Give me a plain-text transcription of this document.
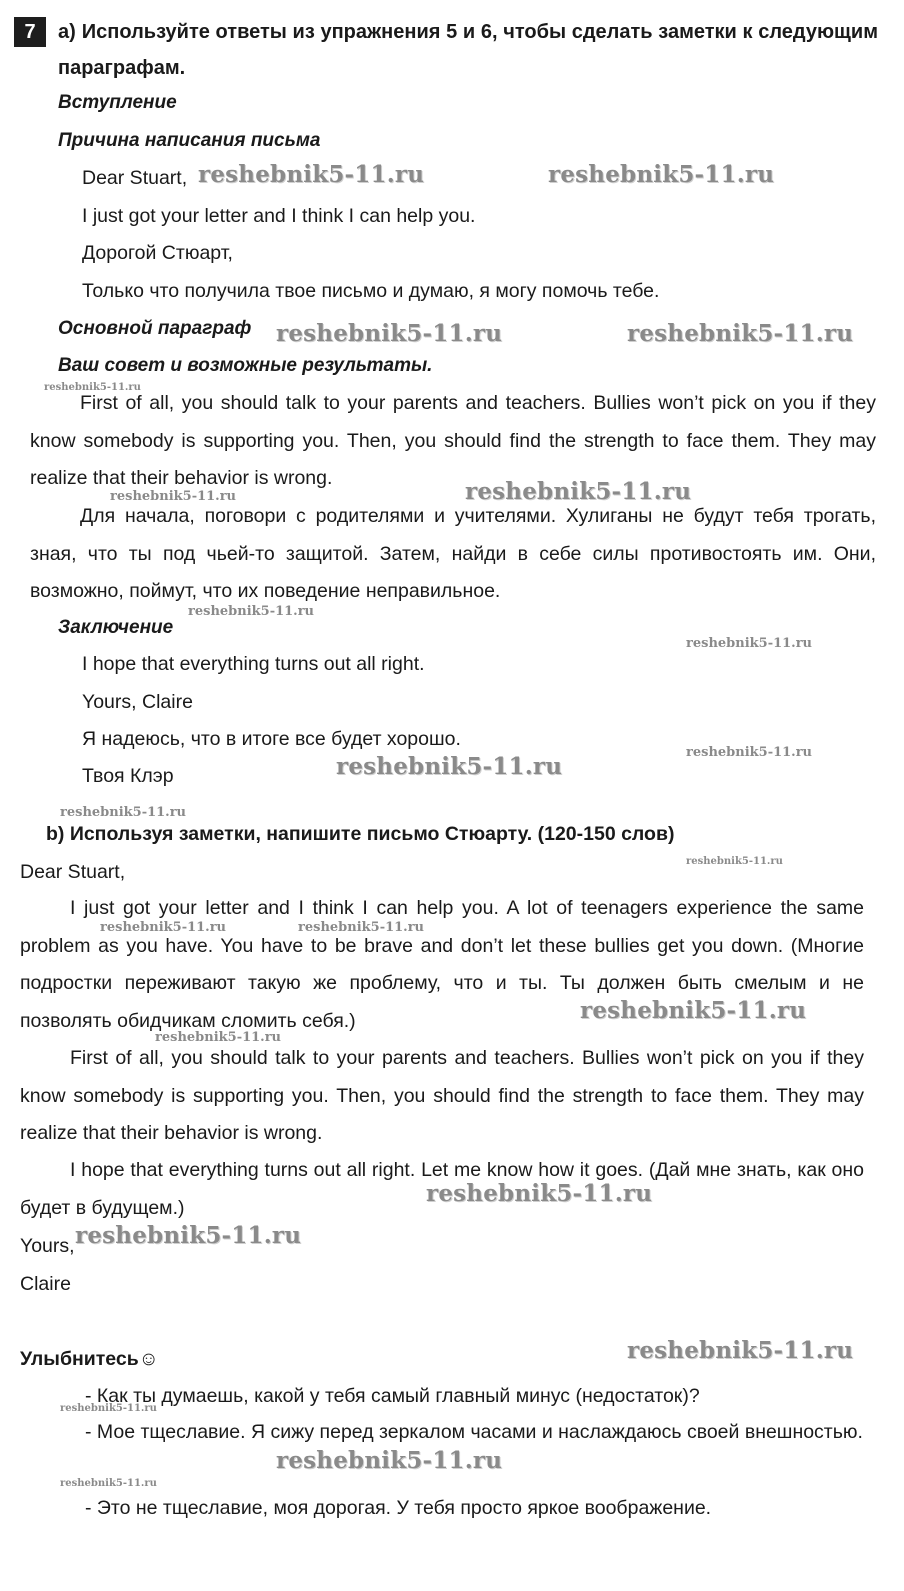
7	a) Используйте ответы из упражнения 5 и 6, чтобы сделать заметки к следующим параграфам.

Вступление
Причина написания письма
Dear Stuart,
I just got your letter and I think I can help you.
Дорогой Стюарт,
Только что получила твое письмо и думаю, я могу помочь тебе.
Основной параграф
Ваш совет и возможные результаты.

First of all, you should talk to your parents and teachers. Bullies won’t pick on you if they know somebody is supporting you. Then, you should find the strength to face them. They may realize that their behavior is wrong.

Для начала, поговори с родителями и учителями. Хулиганы не будут тебя трогать, зная, что ты под чьей-то защитой. Затем, найди в себе силы противостоять им. Они, возможно, поймут, что их поведение неправильное.

Заключение
I hope that everything turns out all right.
Yours, Claire
Я надеюсь, что в итоге все будет хорошо.
Твоя Клэр
b) Используя заметки, напишите письмо Стюарту. (120-150 слов)
Dear Stuart,

I just got your letter and I think I can help you. A lot of teenagers experience the same problem as you have. You have to be brave and don’t let these bullies get you down. (Многие подростки переживают такую же проблему, что и ты. Ты должен быть смелым и не позволять обидчикам сломить себя.)

First of all, you should talk to your parents and teachers. Bullies won’t pick on you if they know somebody is supporting you. Then, you should find the strength to face them. They may realize that their behavior is wrong.

I hope that everything turns out all right. Let me know how it goes. (Дай мне знать, как оно будет в будущем.)

Yours,
Claire
Улыбнитесь☺
- Как ты думаешь, какой у тебя самый главный минус (недостаток)?

- Мое тщеславие. Я сижу перед зеркалом часами и наслаждаюсь своей внешностью.

- Это не тщеславие, моя дорогая. У тебя просто яркое воображение.
reshebnik5-11.ru	reshebnik5-11.ru
reshebnik5-11.ru	reshebnik5-11.ru
reshebnik5-11.ru
reshebnik5-11.ru
reshebnik5-11.ru
reshebnik5-11.ru
reshebnik5-11.ru
reshebnik5-11.ru
reshebnik5-11.ru
reshebnik5-11.ru
reshebnik5-11.ru
reshebnik5-11.ru	reshebnik5-11.ru
reshebnik5-11.ru
reshebnik5-11.ru
reshebnik5-11.ru
reshebnik5-11.ru
reshebnik5-11.ru
reshebnik5-11.ru
reshebnik5-11.ru
reshebnik5-11.ru
